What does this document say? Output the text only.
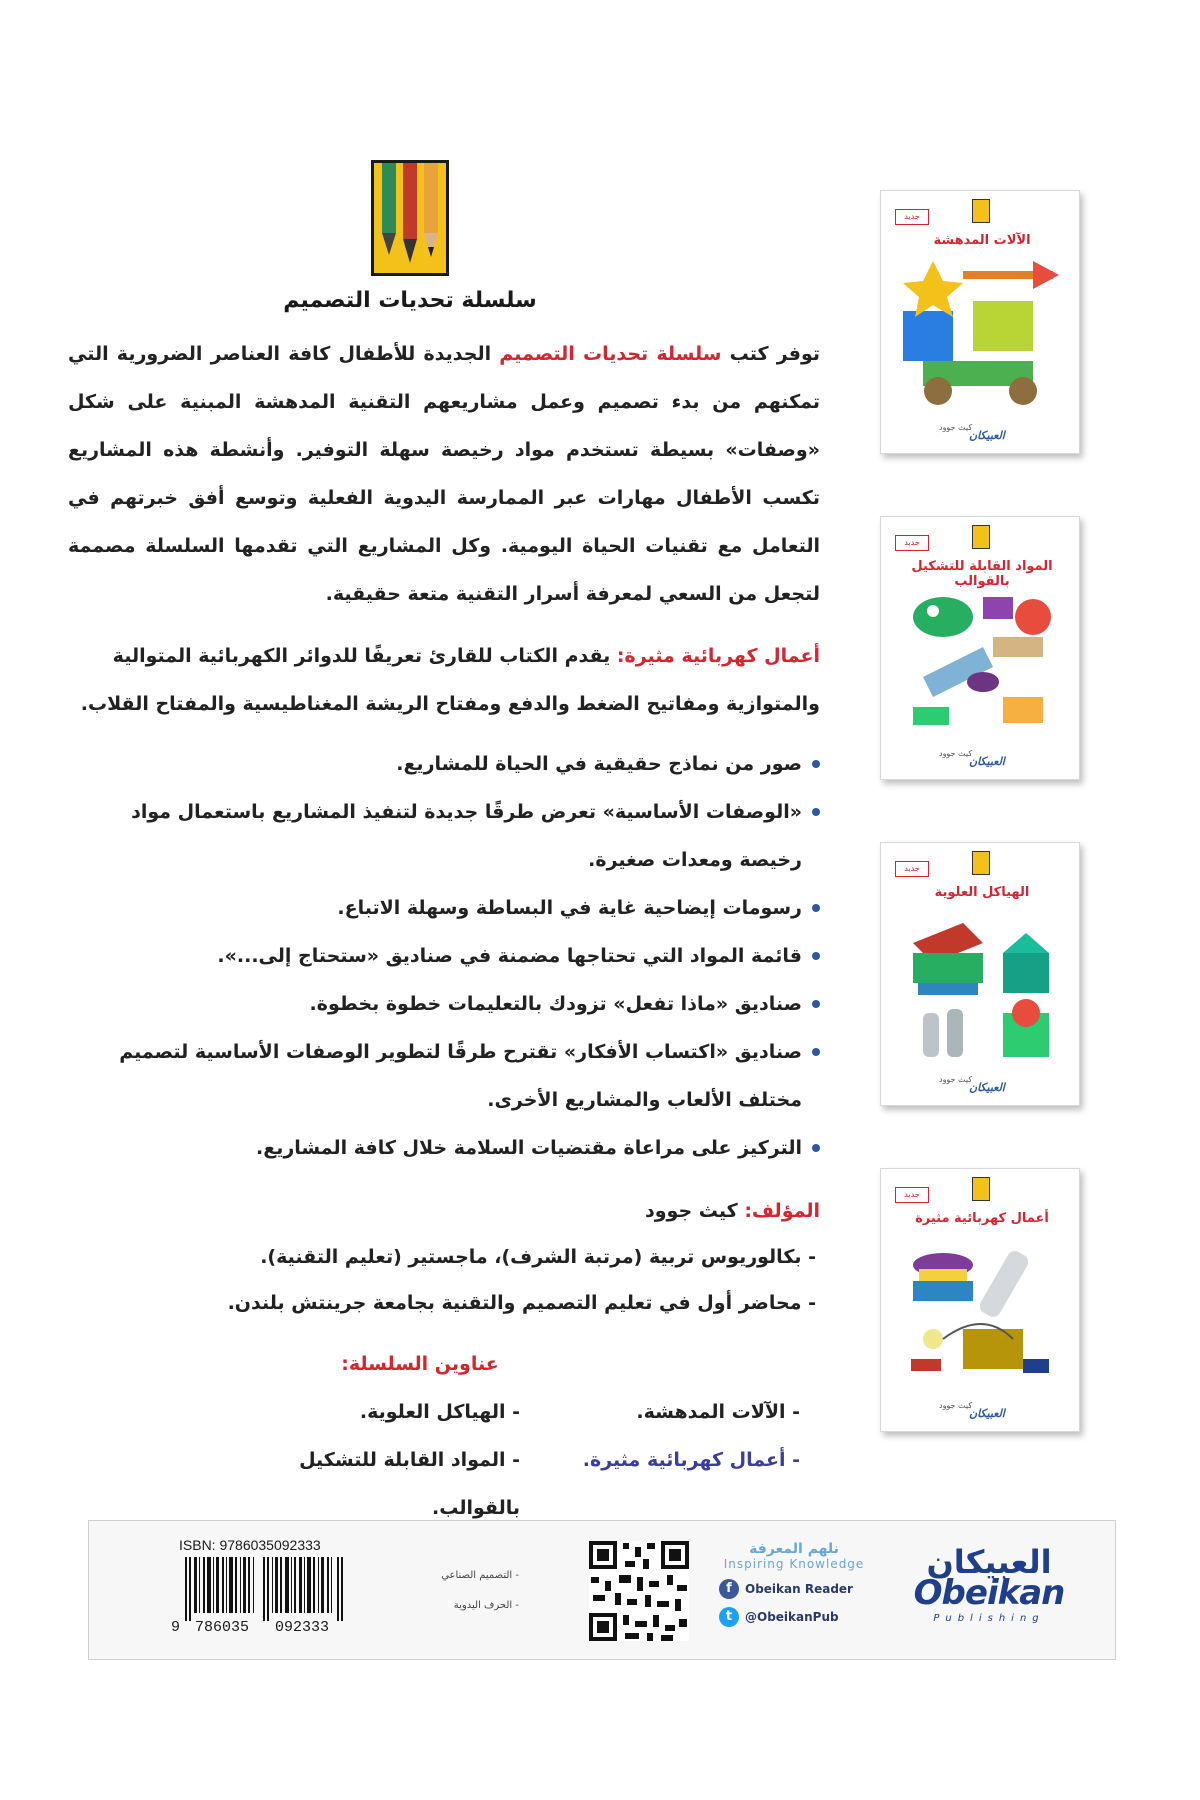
سلسلة تحديات التصميم

توفر كتب سلسلة تحديات التصميم الجديدة للأطفال كافة العناصر الضرورية التي تمكنهم من بدء تصميم وعمل مشاريعهم التقنية المدهشة المبنية على شكل «وصفات» بسيطة تستخدم مواد رخيصة سهلة التوفير. وأنشطة هذه المشاريع تكسب الأطفال مهارات عبر الممارسة اليدوية الفعلية وتوسع أفق خبرتهم في التعامل مع تقنيات الحياة اليومية. وكل المشاريع التي تقدمها السلسلة مصممة لتجعل من السعي لمعرفة أسرار التقنية متعة حقيقية.

أعمال كهربائية مثيرة: يقدم الكتاب للقارئ تعريفًا للدوائر الكهربائية المتوالية والمتوازية ومفاتيح الضغط والدفع ومفتاح الريشة المغناطيسية والمفتاح القلاب.

صور من نماذج حقيقية في الحياة للمشاريع.
«الوصفات الأساسية» تعرض طرقًا جديدة لتنفيذ المشاريع باستعمال مواد رخيصة ومعدات صغيرة.
رسومات إيضاحية غاية في البساطة وسهلة الاتباع.
قائمة المواد التي تحتاجها مضمنة في صناديق «ستحتاج إلى...».
صناديق «ماذا تفعل» تزودك بالتعليمات خطوة بخطوة.
صناديق «اكتساب الأفكار» تقترح طرقًا لتطوير الوصفات الأساسية لتصميم مختلف الألعاب والمشاريع الأخرى.
التركيز على مراعاة مقتضيات السلامة خلال كافة المشاريع.
المؤلف: كيث جوود
- بكالوريوس تربية (مرتبة الشرف)، ماجستير (تعليم التقنية).
- محاضر أول في تعليم التصميم والتقنية بجامعة جرينتش بلندن.
عناوين السلسلة:
- الآلات المدهشة.
- الهياكل العلوية.
- أعمال كهربائية مثيرة.
- المواد القابلة للتشكيل بالقوالب.
جديد
الآلات المدهشة
كيث جوود
العبيكان
جديد
المواد القابلة للتشكيل بالقوالب
كيث جوود
العبيكان
جديد
الهياكل العلوية
كيث جوود
العبيكان
جديد
أعمال كهربائية مثيرة
كيث جوود
العبيكان
ISBN: 9786035092333
9 786035 092333
- التصميم الصناعي
- الحرف اليدوية
نلهم المعرفة
Inspiring Knowledge
f	Obeikan Reader
t	@ObeikanPub
العبيكان
Obeikan
Publishing
